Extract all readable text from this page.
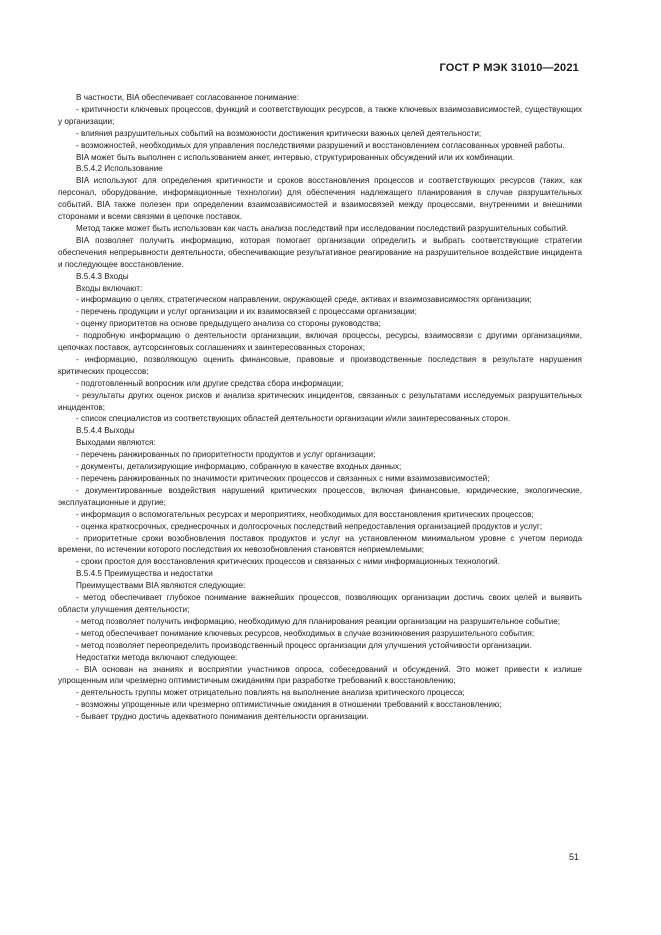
ГОСТ Р МЭК 31010—2021

В частности, BIA обеспечивает согласованное понимание:

- критичности ключевых процессов, функций и соответствующих ресурсов, а также ключевых взаимозависимостей, существующих у организации;

- влияния разрушительных событий на возможности достижения критически важных целей деятельности;

- возможностей, необходимых для управления последствиями разрушений и восстановлением согласованных уровней работы.

BIA может быть выполнен с использованием анкет, интервью, структурированных обсуждений или их комбинации.

В.5.4.2 Использование

BIA используют для определения критичности и сроков восстановления процессов и соответствующих ресурсов (таких, как персонал, оборудование, информационные технологии) для обеспечения надлежащего планирования в случае разрушительных событий. BIA также полезен при определении взаимозависимостей и взаимосвязей между процессами, внутренними и внешними сторонами и всеми связями в цепочке поставок.

Метод также может быть использован как часть анализа последствий при исследовании последствий разрушительных событий.

BIA позволяет получить информацию, которая помогает организации определить и выбрать соответствующие стратегии обеспечения непрерывности деятельности, обеспечивающие результативное реагирование на разрушительное воздействие инцидента и последующее восстановление.

В.5.4.3 Входы

Входы включают:

- информацию о целях, стратегическом направлении, окружающей среде, активах и взаимозависимостях организации;

- перечень продукции и услуг организации и их взаимосвязей с процессами организации;

- оценку приоритетов на основе предыдущего анализа со стороны руководства;

- подробную информацию о деятельности организации, включая процессы, ресурсы, взаимосвязи с другими организациями, цепочках поставок, аутсорсинговых соглашениях и заинтересованных сторонах;

- информацию, позволяющую оценить финансовые, правовые и производственные последствия в результате нарушения критических процессов;

- подготовленный вопросник или другие средства сбора информации;

- результаты других оценок рисков и анализа критических инцидентов, связанных с результатами исследуемых разрушительных инцидентов;

- список специалистов из соответствующих областей деятельности организации и/или заинтересованных сторон.

В.5.4.4 Выходы

Выходами являются:

- перечень ранжированных по приоритетности продуктов и услуг организации;

- документы, детализирующие информацию, собранную в качестве входных данных;

- перечень ранжированных по значимости критических процессов и связанных с ними взаимозависимостей;

- документированные воздействия нарушений критических процессов, включая финансовые, юридические, экологические, эксплуатационные и другие;

- информация о вспомогательных ресурсах и мероприятиях, необходимых для восстановления критических процессов;

- оценка краткосрочных, среднесрочных и долгосрочных последствий непредоставления организацией продуктов и услуг;

- приоритетные сроки возобновления поставок продуктов и услуг на установленном минимальном уровне с учетом периода времени, по истечении которого последствия их невозобновления становятся неприемлемыми;

- сроки простоя для восстановления критических процессов и связанных с ними информационных технологий.

В.5.4.5 Преимущества и недостатки

Преимуществами BIA являются следующие:

- метод обеспечивает глубокое понимание важнейших процессов, позволяющих организации достичь своих целей и выявить области улучшения деятельности;

- метод позволяет получить информацию, необходимую для планирования реакции организации на разрушительное событие;

- метод обеспечивает понимание ключевых ресурсов, необходимых в случае возникновения разрушительного события;

- метод позволяет переопределить производственный процесс организации для улучшения устойчивости организации.

Недостатки метода включают следующее:

- BIA основан на знаниях и восприятии участников опроса, собеседований и обсуждений. Это может привести к излише упрощенным или чрезмерно оптимистичным ожиданиям при разработке требований к восстановлению;

- деятельность группы может отрицательно повлиять на выполнение анализа критического процесса;

- возможны упрощенные или чрезмерно оптимистичные ожидания в отношении требований к восстановлению;

- бывает трудно достичь адекватного понимания деятельности организации.

51
